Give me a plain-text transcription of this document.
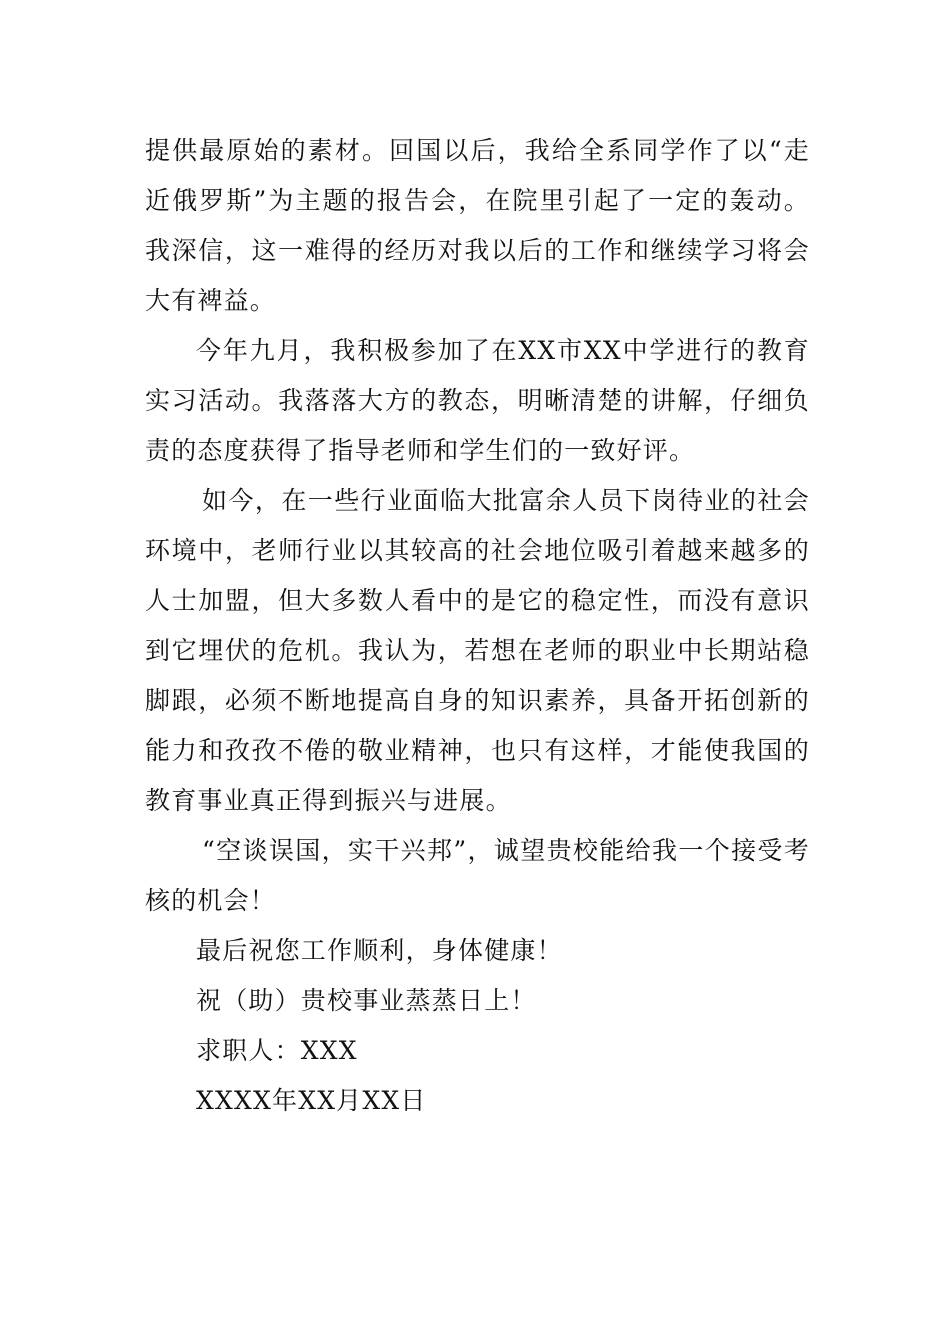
提供最原始的素材。回国以后，我给全系同学作了以“走近俄罗斯”为主题的报告会，在院里引起了一定的轰动。我深信，这一难得的经历对我以后的工作和继续学习将会大有裨益。

今年九月，我积极参加了在XX市XX中学进行的教育实习活动。我落落大方的教态，明晰清楚的讲解，仔细负责的态度获得了指导老师和学生们的一致好评。

如今，在一些行业面临大批富余人员下岗待业的社会环境中，老师行业以其较高的社会地位吸引着越来越多的人士加盟，但大多数人看中的是它的稳定性，而没有意识到它埋伏的危机。我认为，若想在老师的职业中长期站稳脚跟，必须不断地提高自身的知识素养，具备开拓创新的能力和孜孜不倦的敬业精神，也只有这样，才能使我国的教育事业真正得到振兴与进展。

“空谈误国，实干兴邦”，诚望贵校能给我一个接受考核的机会！

最后祝您工作顺利，身体健康！

祝（助）贵校事业蒸蒸日上！

求职人：XXX

XXXX年XX月XX日
